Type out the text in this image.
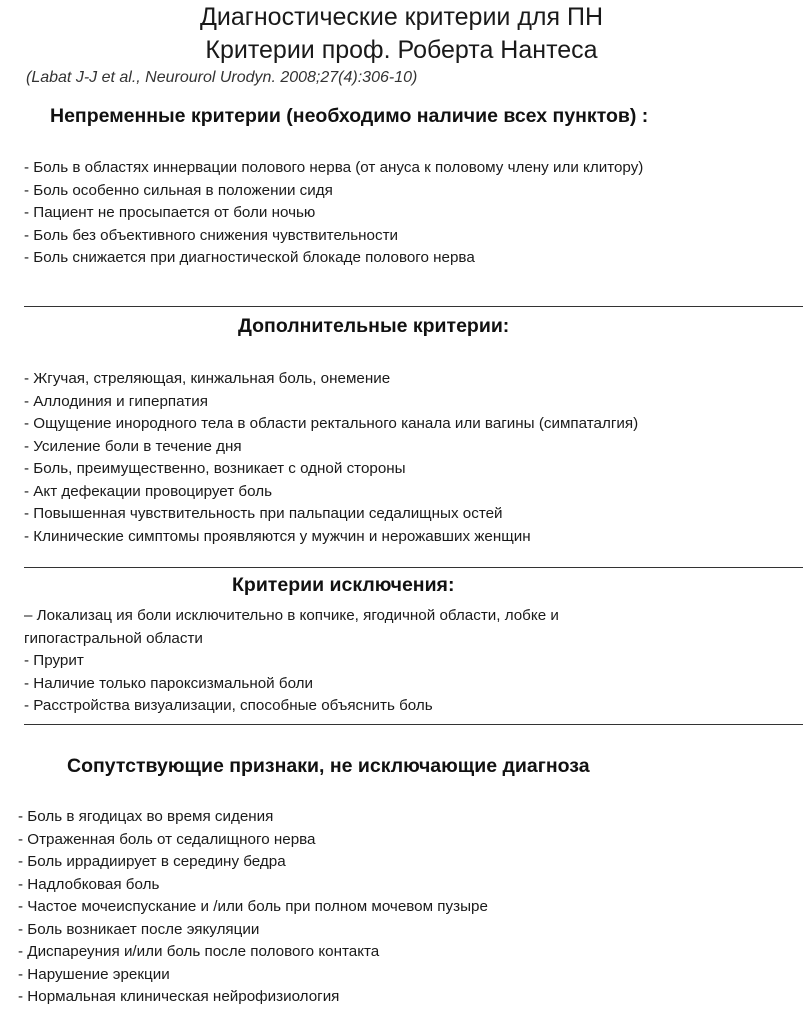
Диагностические критерии для ПН
Критерии проф. Роберта Нантеса
(Labat J-J et al., Neurourol Urodyn. 2008;27(4):306-10)
Непременные критерии (необходимо наличие всех пунктов) :
- Боль в областях иннервации полового нерва (от ануса к половому члену или клитору)
- Боль особенно сильная в положении сидя
- Пациент не просыпается от боли ночью
- Боль без объективного снижения чувствительности
- Боль снижается при диагностической блокаде полового нерва
Дополнительные критерии:
- Жгучая, стреляющая, кинжальная боль, онемение
- Аллодиния и гиперпатия
- Ощущение инородного тела в области ректального канала или вагины (симпаталгия)
- Усиление боли в течение дня
- Боль, преимущественно, возникает с одной стороны
- Акт дефекации провоцирует боль
- Повышенная чувствительность при пальпации седалищных остей
- Клинические симптомы проявляются у мужчин и нерожавших женщин
Критерии исключения:
– Локализац ия боли исключительно в копчике, ягодичной области, лобке и гипогастральной области
- Прурит
- Наличие только пароксизмальной боли
- Расстройства визуализации, способные объяснить боль
Сопутствующие признаки, не исключающие диагноза
- Боль в ягодицах во время сидения
- Отраженная боль от седалищного нерва
- Боль иррадиирует в середину бедра
- Надлобковая боль
- Частое мочеиспускание и /или боль при полном мочевом пузыре
- Боль возникает после эякуляции
- Диспареуния и/или боль после полового контакта
- Нарушение эрекции
- Нормальная клиническая нейрофизиология
